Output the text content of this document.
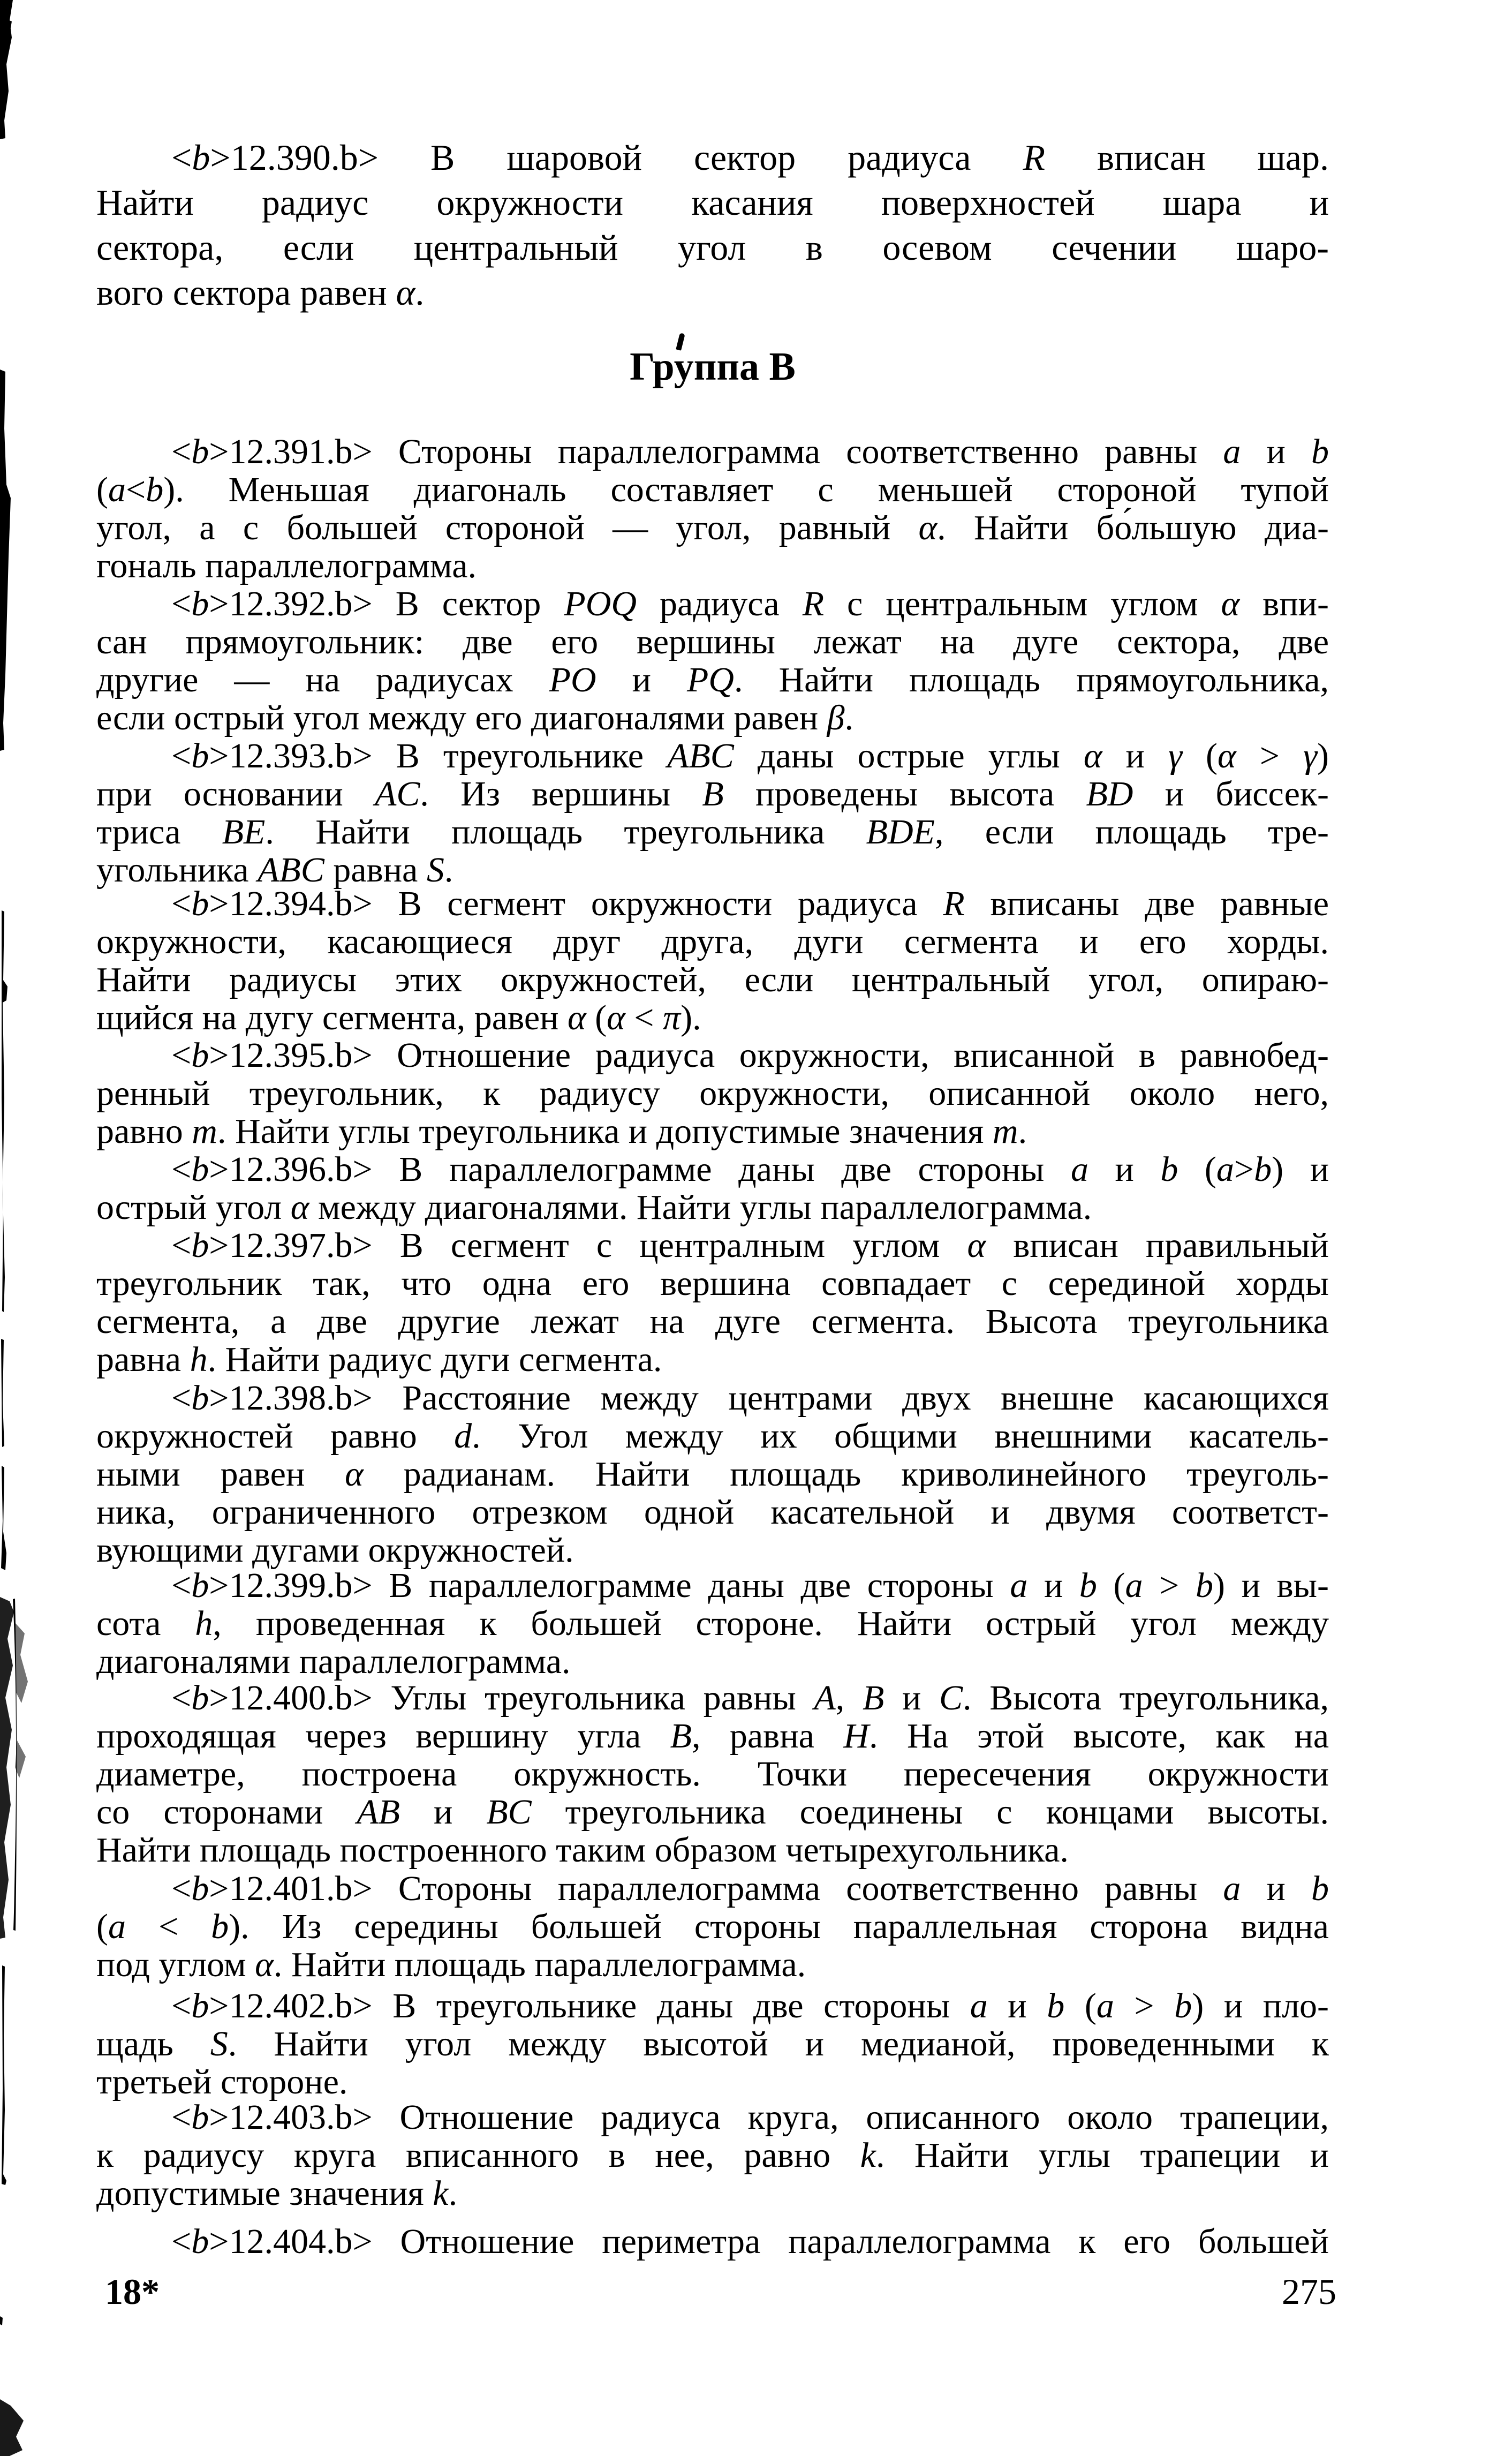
<b>12.390.b> В шаровой сектор радиуса R вписан шар.
Найти радиус окружности касания поверхностей шара и
сектора, если центральный угол в осевом сечении шаро-
вого сектора равен α.
Группа В
<b>12.391.b> Стороны параллелограмма соответственно равны a и b
(a<b). Меньшая диагональ составляет с меньшей стороной тупой
угол, а с большей стороной — угол, равный α. Найти бо́льшую диа-
гональ параллелограмма.
<b>12.392.b> В сектор POQ радиуса R с центральным углом α впи-
сан прямоугольник: две его вершины лежат на дуге сектора, две
другие — на радиусах PO и PQ. Найти площадь прямоугольника,
если острый угол между его диагоналями равен β.
<b>12.393.b> В треугольнике ABC даны острые углы α и γ (α > γ)
при основании AC. Из вершины B проведены высота BD и биссек-
триса BE. Найти площадь треугольника BDE, если площадь тре-
угольника ABC равна S.
<b>12.394.b> В сегмент окружности радиуса R вписаны две равные
окружности, касающиеся друг друга, дуги сегмента и его хорды.
Найти радиусы этих окружностей, если центральный угол, опираю-
щийся на дугу сегмента, равен α (α < π).
<b>12.395.b> Отношение радиуса окружности, вписанной в равнобед-
ренный треугольник, к радиусу окружности, описанной около него,
равно m. Найти углы треугольника и допустимые значения m.
<b>12.396.b> В параллелограмме даны две стороны a и b (a>b) и
острый угол α между диагоналями. Найти углы параллелограмма.
<b>12.397.b> В сегмент с централным углом α вписан правильный
треугольник так, что одна его вершина совпадает с серединой хорды
сегмента, а две другие лежат на дуге сегмента. Высота треугольника
равна h. Найти радиус дуги сегмента.
<b>12.398.b> Расстояние между центрами двух внешне касающихся
окружностей равно d. Угол между их общими внешними касатель-
ными равен α радианам. Найти площадь криволинейного треуголь-
ника, ограниченного отрезком одной касательной и двумя соответст-
вующими дугами окружностей.
<b>12.399.b> В параллелограмме даны две стороны a и b (a > b) и вы-
сота h, проведенная к большей стороне. Найти острый угол между
диагоналями параллелограмма.
<b>12.400.b> Углы треугольника равны A, B и C. Высота треугольника,
проходящая через вершину угла B, равна H. На этой высоте, как на
диаметре, построена окружность. Точки пересечения окружности
со сторонами AB и BC треугольника соединены с концами высоты.
Найти площадь построенного таким образом четырехугольника.
<b>12.401.b> Стороны параллелограмма соответственно равны a и b
(a < b). Из середины большей стороны параллельная сторона видна
под углом α. Найти площадь параллелограмма.
<b>12.402.b> В треугольнике даны две стороны a и b (a > b) и пло-
щадь S. Найти угол между высотой и медианой, проведенными к
третьей стороне.
<b>12.403.b> Отношение радиуса круга, описанного около трапеции,
к радиусу круга вписанного в нее, равно k. Найти углы трапеции и
допустимые значения k.
<b>12.404.b> Отношение периметра параллелограмма к его большей
18*	275
